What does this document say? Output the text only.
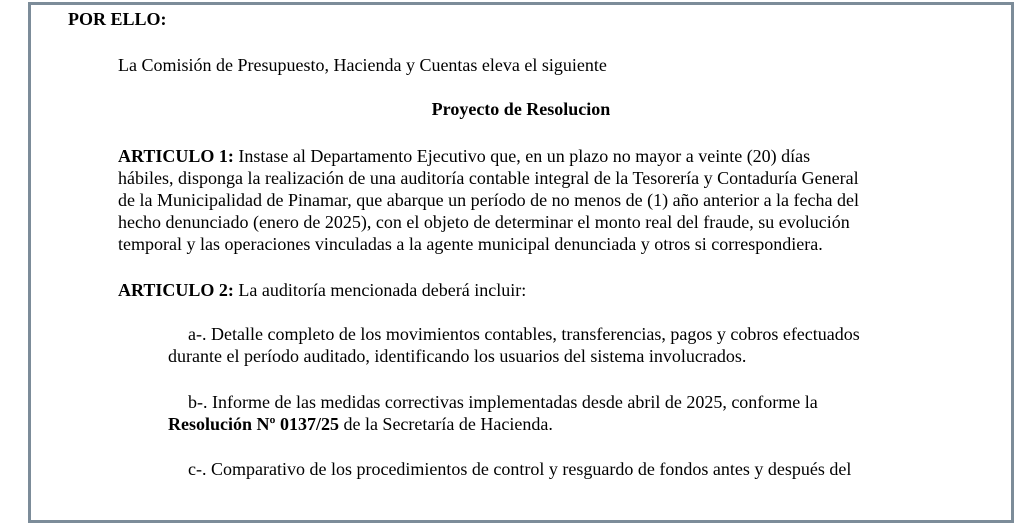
POR ELLO:
La Comisión de Presupuesto, Hacienda y Cuentas eleva el siguiente
Proyecto de Resolucion
ARTICULO 1: Instase al Departamento Ejecutivo que, en un plazo no mayor a veinte (20) días
hábiles, disponga la realización de una auditoría contable integral de la Tesorería y Contaduría General
de la Municipalidad de Pinamar, que abarque un período de no menos de (1) año anterior a la fecha del
hecho denunciado (enero de 2025), con el objeto de determinar el monto real del fraude, su evolución
temporal y las operaciones vinculadas a la agente municipal denunciada y otros si correspondiera.
ARTICULO 2: La auditoría mencionada deberá incluir:
a-. Detalle completo de los movimientos contables, transferencias, pagos y cobros efectuados
durante el período auditado, identificando los usuarios del sistema involucrados.
b-. Informe de las medidas correctivas implementadas desde abril de 2025, conforme la
Resolución Nº 0137/25 de la Secretaría de Hacienda.
c-. Comparativo de los procedimientos de control y resguardo de fondos antes y después del
